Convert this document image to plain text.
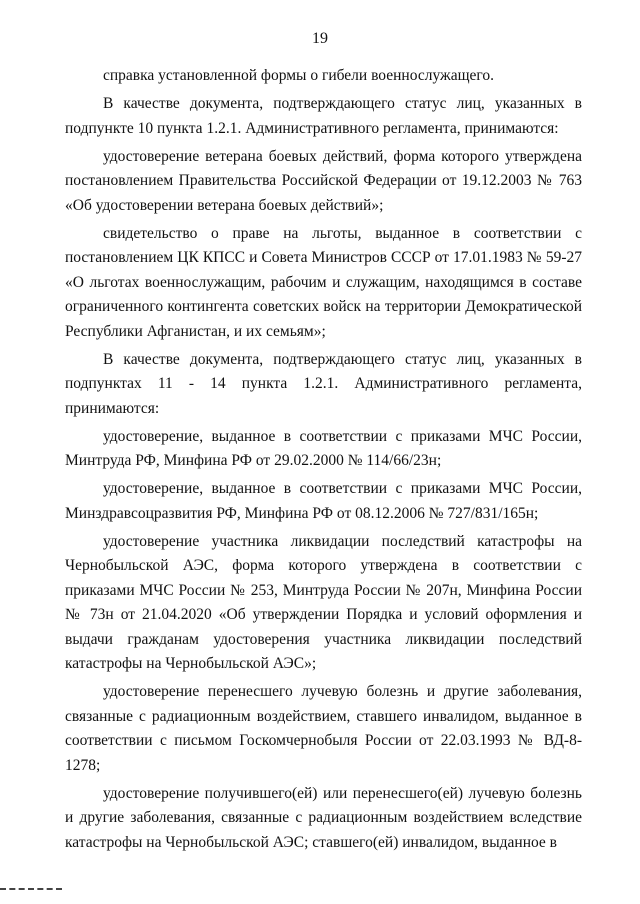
19

справка установленной формы о гибели военнослужащего.

В качестве документа, подтверждающего статус лиц, указанных в подпункте 10 пункта 1.2.1. Административного регламента, принимаются:

удостоверение ветерана боевых действий, форма которого утверждена постановлением Правительства Российской Федерации от 19.12.2003 № 763 «Об удостоверении ветерана боевых действий»;

свидетельство о праве на льготы, выданное в соответствии с постановлением ЦК КПСС и Совета Министров СССР от 17.01.1983 № 59-27 «О льготах военнослужащим, рабочим и служащим, находящимся в составе ограниченного контингента советских войск на территории Демократической Республики Афганистан, и их семьям»;

В качестве документа, подтверждающего статус лиц, указанных в подпунктах 11 - 14 пункта 1.2.1. Административного регламента, принимаются:

удостоверение, выданное в соответствии с приказами МЧС России, Минтруда РФ, Минфина РФ от 29.02.2000 № 114/66/23н;

удостоверение, выданное в соответствии с приказами МЧС России, Минздравсоцразвития РФ, Минфина РФ от 08.12.2006 № 727/831/165н;

удостоверение участника ликвидации последствий катастрофы на Чернобыльской АЭС, форма которого утверждена в соответствии с приказами МЧС России № 253, Минтруда России № 207н, Минфина России № 73н от 21.04.2020 «Об утверждении Порядка и условий оформления и выдачи гражданам удостоверения участника ликвидации последствий катастрофы на Чернобыльской АЭС»;

удостоверение перенесшего лучевую болезнь и другие заболевания, связанные с радиационным воздействием, ставшего инвалидом, выданное в соответствии с письмом Госкомчернобыля России от 22.03.1993 № ВД-8-1278;

удостоверение получившего(ей) или перенесшего(ей) лучевую болезнь и другие заболевания, связанные с радиационным воздействием вследствие катастрофы на Чернобыльской АЭС; ставшего(ей) инвалидом, выданное в
